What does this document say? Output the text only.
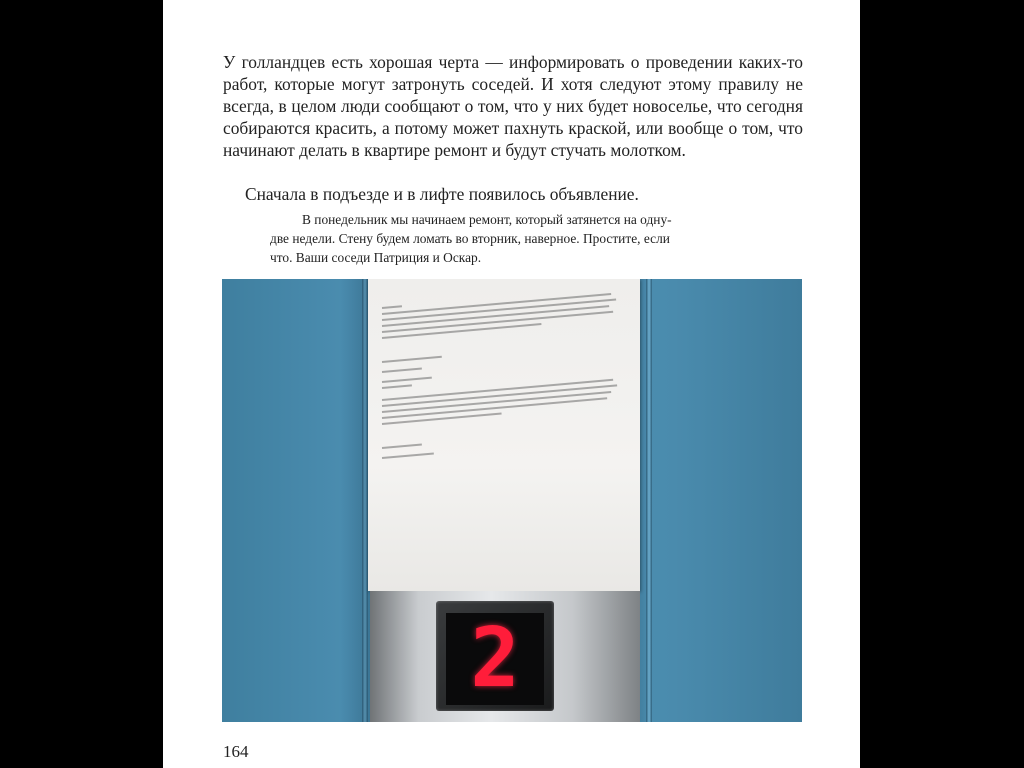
У голландцев есть хорошая черта — информировать о проведении каких-то работ, которые могут затронуть соседей. И хотя следуют этому правилу не всегда, в целом люди сообщают о том, что у них будет новоселье, что сегодня собираются красить, а потому может пахнуть краской, или вообще о том, что начинают делать в квартире ремонт и будут стучать молотком.

Сначала в подъезде и в лифте появилось объявление.

В понедельник мы начинаем ремонт, который затянется на одну-
две недели. Стену будем ломать во вторник, наверное. Простите, если
что. Ваши соседи Патриция и Оскар.

2
164
